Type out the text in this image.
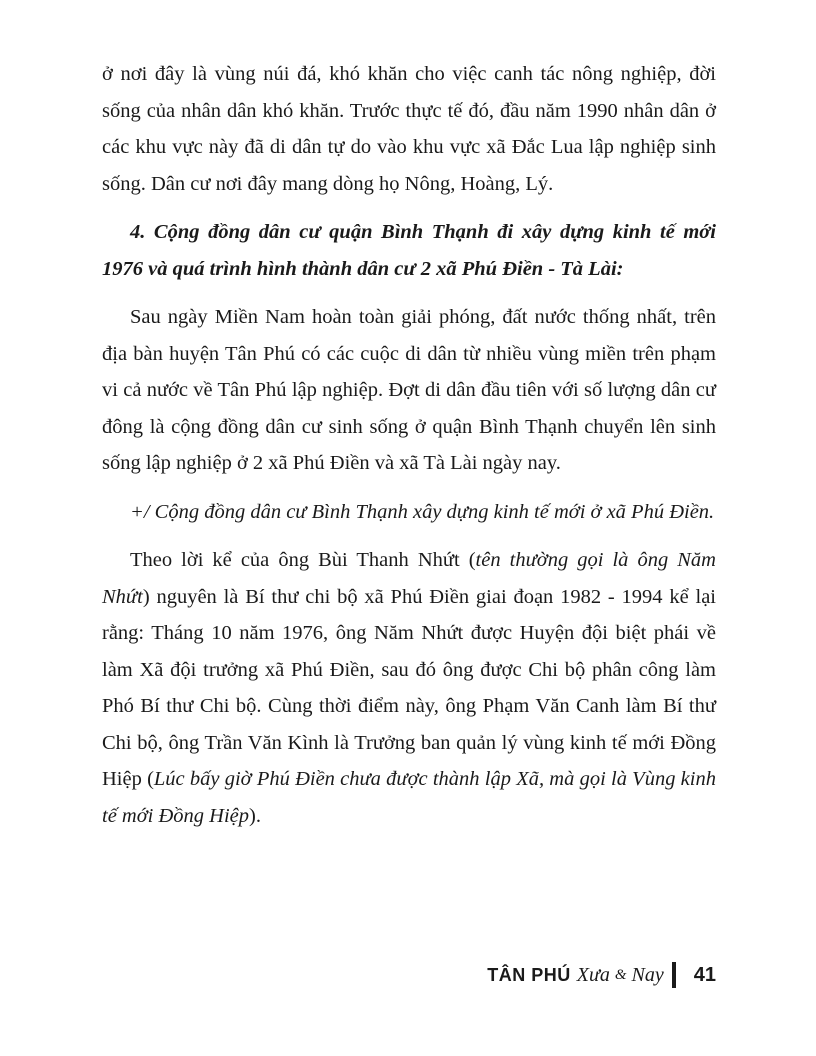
ở nơi đây là vùng núi đá, khó khăn cho việc canh tác nông nghiệp, đời sống của nhân dân khó khăn. Trước thực tế đó, đầu năm 1990 nhân dân ở các khu vực này đã di dân tự do vào khu vực xã Đắc Lua lập nghiệp sinh sống. Dân cư nơi đây mang dòng họ Nông, Hoàng, Lý.

4. Cộng đồng dân cư quận Bình Thạnh đi xây dựng kinh tế mới 1976 và quá trình hình thành dân cư 2 xã Phú Điền - Tà Lài:

Sau ngày Miền Nam hoàn toàn giải phóng, đất nước thống nhất, trên địa bàn huyện Tân Phú có các cuộc di dân từ nhiều vùng miền trên phạm vi cả nước về Tân Phú lập nghiệp. Đợt di dân đầu tiên với số lượng dân cư đông là cộng đồng dân cư sinh sống ở quận Bình Thạnh chuyển lên sinh sống lập nghiệp ở 2 xã Phú Điền và xã Tà Lài ngày nay.

+/ Cộng đồng dân cư Bình Thạnh xây dựng kinh tế mới ở xã Phú Điền.

Theo lời kể của ông Bùi Thanh Nhứt (tên thường gọi là ông Năm Nhứt) nguyên là Bí thư chi bộ xã Phú Điền giai đoạn 1982 - 1994 kể lại rằng: Tháng 10 năm 1976, ông Năm Nhứt được Huyện đội biệt phái về làm Xã đội trưởng xã Phú Điền, sau đó ông được Chi bộ phân công làm Phó Bí thư Chi bộ. Cùng thời điểm này, ông Phạm Văn Canh làm Bí thư Chi bộ, ông Trần Văn Kình là Trưởng ban quản lý vùng kinh tế mới Đồng Hiệp (Lúc bấy giờ Phú Điền chưa được thành lập Xã, mà gọi là Vùng kinh tế mới Đồng Hiệp).

TÂN PHÚ Xưa & Nay 41
